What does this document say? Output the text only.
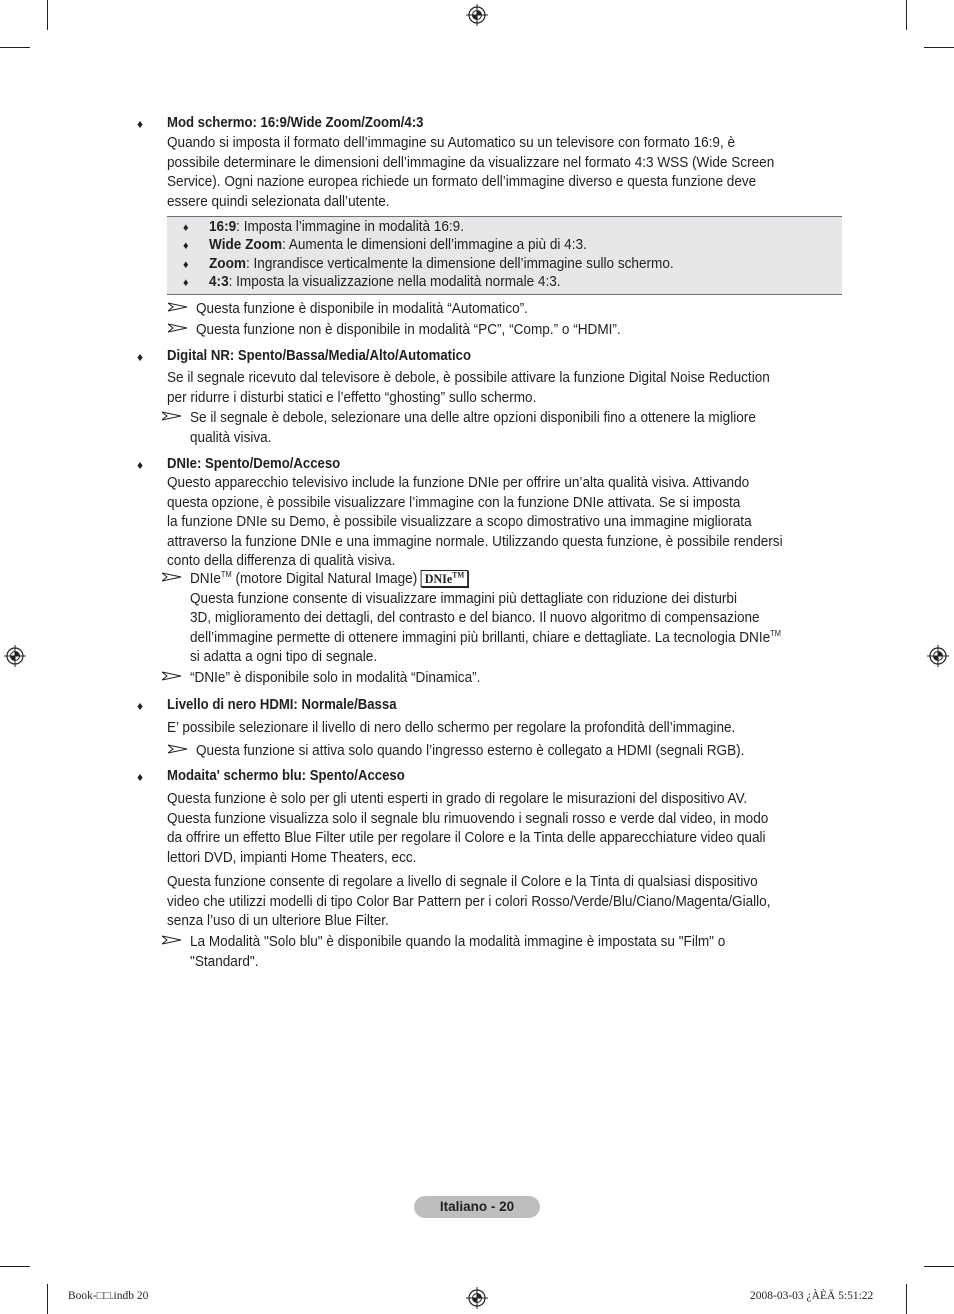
♦ Mod schermo: 16:9/Wide Zoom/Zoom/4:3
Quando si imposta il formato dell’immagine su Automatico su un televisore con formato 16:9, è
possibile determinare le dimensioni dell’immagine da visualizzare nel formato 4:3 WSS (Wide Screen
Service). Ogni nazione europea richiede un formato dell’immagine diverso e questa funzione deve
essere quindi selezionata dall’utente.
♦ 16:9: Imposta l’immagine in modalità 16:9.
♦ Wide Zoom: Aumenta le dimensioni dell’immagine a più di 4:3.
♦ Zoom: Ingrandisce verticalmente la dimensione dell’immagine sullo schermo.
♦ 4:3: Imposta la visualizzazione nella modalità normale 4:3.
Questa funzione è disponibile in modalità “Automatico”.
Questa funzione non è disponibile in modalità “PC”, “Comp.” o “HDMI”.
♦ Digital NR: Spento/Bassa/Media/Alto/Automatico
Se il segnale ricevuto dal televisore è debole, è possibile attivare la funzione Digital Noise Reduction
per ridurre i disturbi statici e l’effetto “ghosting” sullo schermo.
Se il segnale è debole, selezionare una delle altre opzioni disponibili fino a ottenere la migliore
qualità visiva.
♦ DNIe: Spento/Demo/Acceso
Questo apparecchio televisivo include la funzione DNIe per offrire un’alta qualità visiva. Attivando
questa opzione, è possibile visualizzare l’immagine con la funzione DNIe attivata. Se si imposta
la funzione DNIe su Demo, è possibile visualizzare a scopo dimostrativo una immagine migliorata
attraverso la funzione DNIe e una immagine normale. Utilizzando questa funzione, è possibile rendersi
conto della differenza di qualità visiva.
DNIe™ (motore Digital Natural Image) DNIe™
Questa funzione consente di visualizzare immagini più dettagliate con riduzione dei disturbi
3D, miglioramento dei dettagli, del contrasto e del bianco. Il nuovo algoritmo di compensazione
dell’immagine permette di ottenere immagini più brillanti, chiare e dettagliate. La tecnologia DNIe™
si adatta a ogni tipo di segnale.
“DNIe” è disponibile solo in modalità “Dinamica”.
♦ Livello di nero HDMI: Normale/Bassa
E’ possibile selezionare il livello di nero dello schermo per regolare la profondità dell’immagine.
Questa funzione si attiva solo quando l’ingresso esterno è collegato a HDMI (segnali RGB).
♦ Modaita' schermo blu: Spento/Acceso
Questa funzione è solo per gli utenti esperti in grado di regolare le misurazioni del dispositivo AV.
Questa funzione visualizza solo il segnale blu rimuovendo i segnali rosso e verde dal video, in modo
da offrire un effetto Blue Filter utile per regolare il Colore e la Tinta delle apparecchiature video quali
lettori DVD, impianti Home Theaters, ecc.
Questa funzione consente di regolare a livello di segnale il Colore e la Tinta di qualsiasi dispositivo
video che utilizzi modelli di tipo Color Bar Pattern per i colori Rosso/Verde/Blu/Ciano/Magenta/Giallo,
senza l’uso di un ulteriore Blue Filter.
La Modalità "Solo blu" è disponibile quando la modalità immagine è impostata su "Film" o
"Standard".
Italiano - 20
Book-□□.indb 20	2008-03-03 ¿ÀÈÄ 5:51:22
